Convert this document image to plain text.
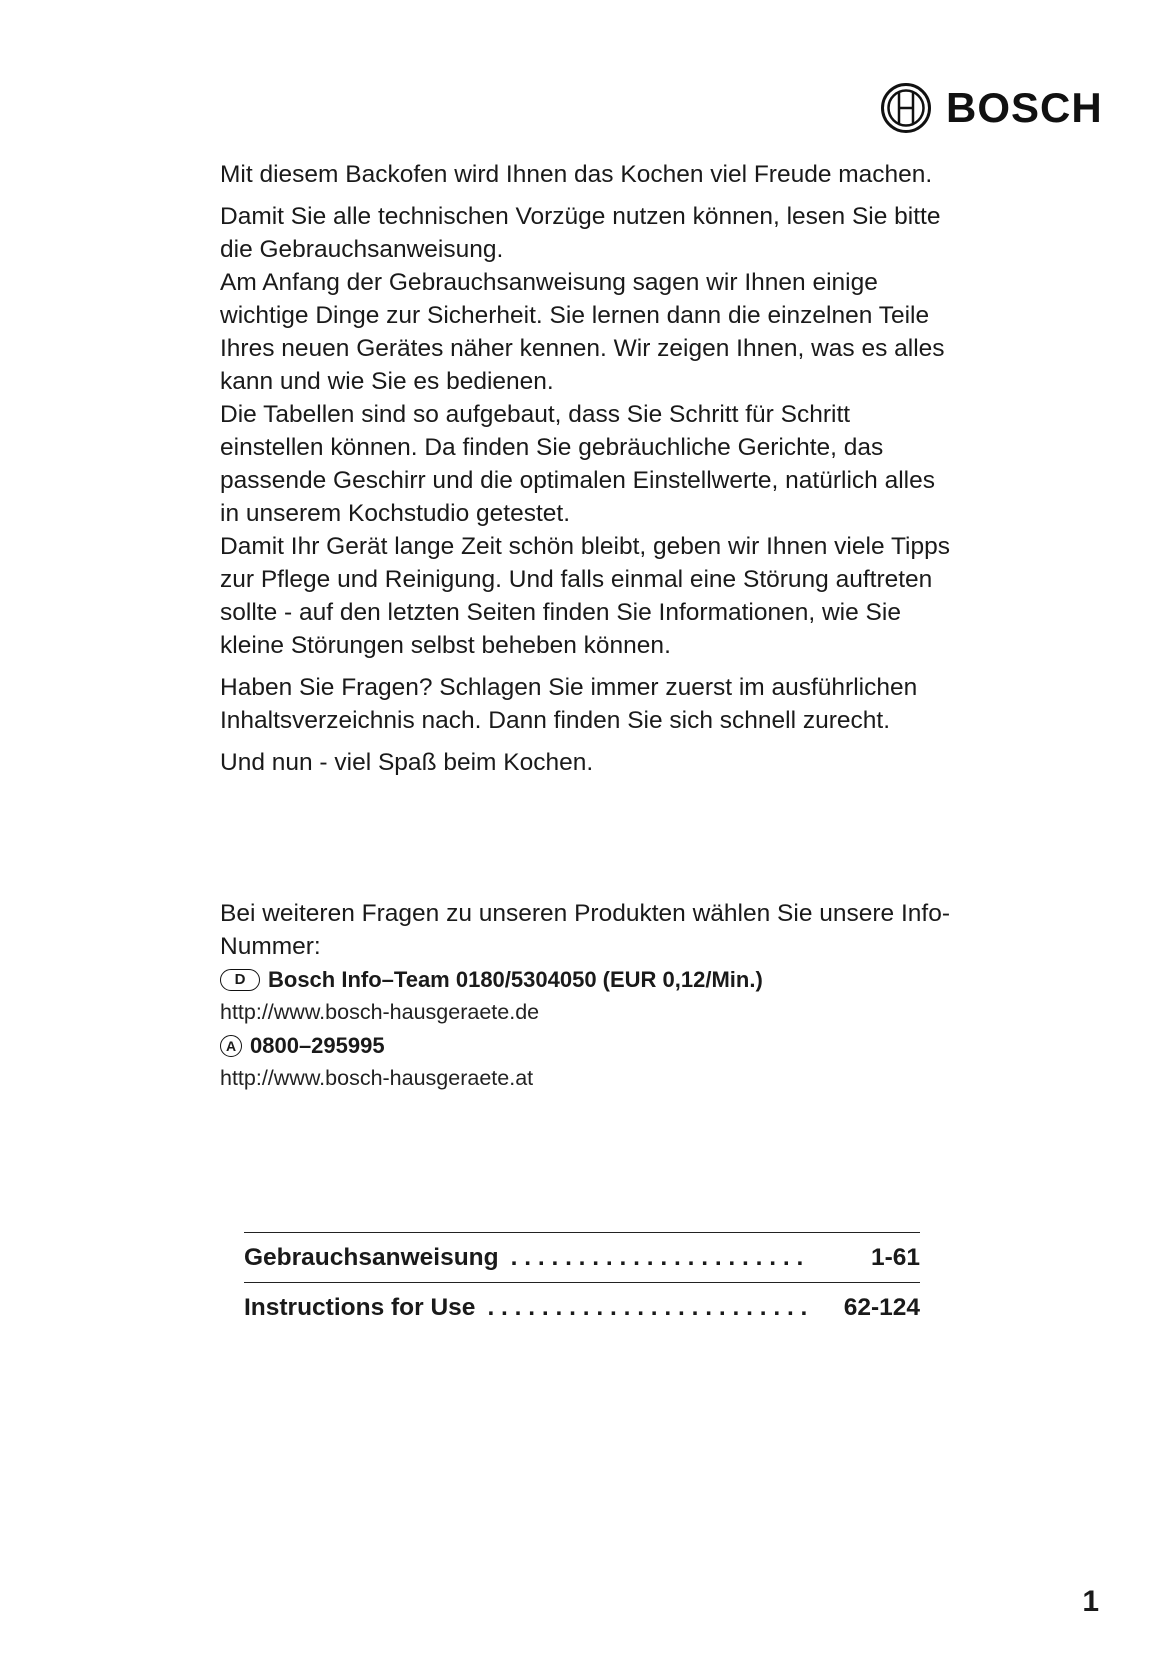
BOSCH

Mit diesem Backofen wird Ihnen das Kochen viel Freude machen.

Damit Sie alle technischen Vorzüge nutzen können, lesen Sie bitte die Gebrauchsanweisung.

Am Anfang der Gebrauchsanweisung sagen wir Ihnen einige wichtige Dinge zur Sicherheit. Sie lernen dann die einzelnen Teile Ihres neuen Gerätes näher kennen. Wir zeigen Ihnen, was es alles kann und wie Sie es bedienen.

Die Tabellen sind so aufgebaut, dass Sie Schritt für Schritt einstellen können. Da finden Sie gebräuchliche Gerichte, das passende Geschirr und die optimalen Einstellwerte, natürlich alles in unserem Kochstudio getestet.

Damit Ihr Gerät lange Zeit schön bleibt, geben wir Ihnen viele Tipps zur Pflege und Reinigung. Und falls einmal eine Störung auftreten sollte - auf den letzten Seiten finden Sie Informationen, wie Sie kleine Störungen selbst beheben können.

Haben Sie Fragen? Schlagen Sie immer zuerst im ausführlichen Inhaltsverzeichnis nach. Dann finden Sie sich schnell zurecht.

Und nun - viel Spaß beim Kochen.

Bei weiteren Fragen zu unseren Produkten wählen Sie unsere Info-Nummer:

D	Bosch Info–Team 0180/5304050 (EUR 0,12/Min.)
http://www.bosch-hausgeraete.de
A 0800–295995
http://www.bosch-hausgeraete.at
Gebrauchsanweisung . . .	1-61
Instructions for Use . . .	62-124
1
